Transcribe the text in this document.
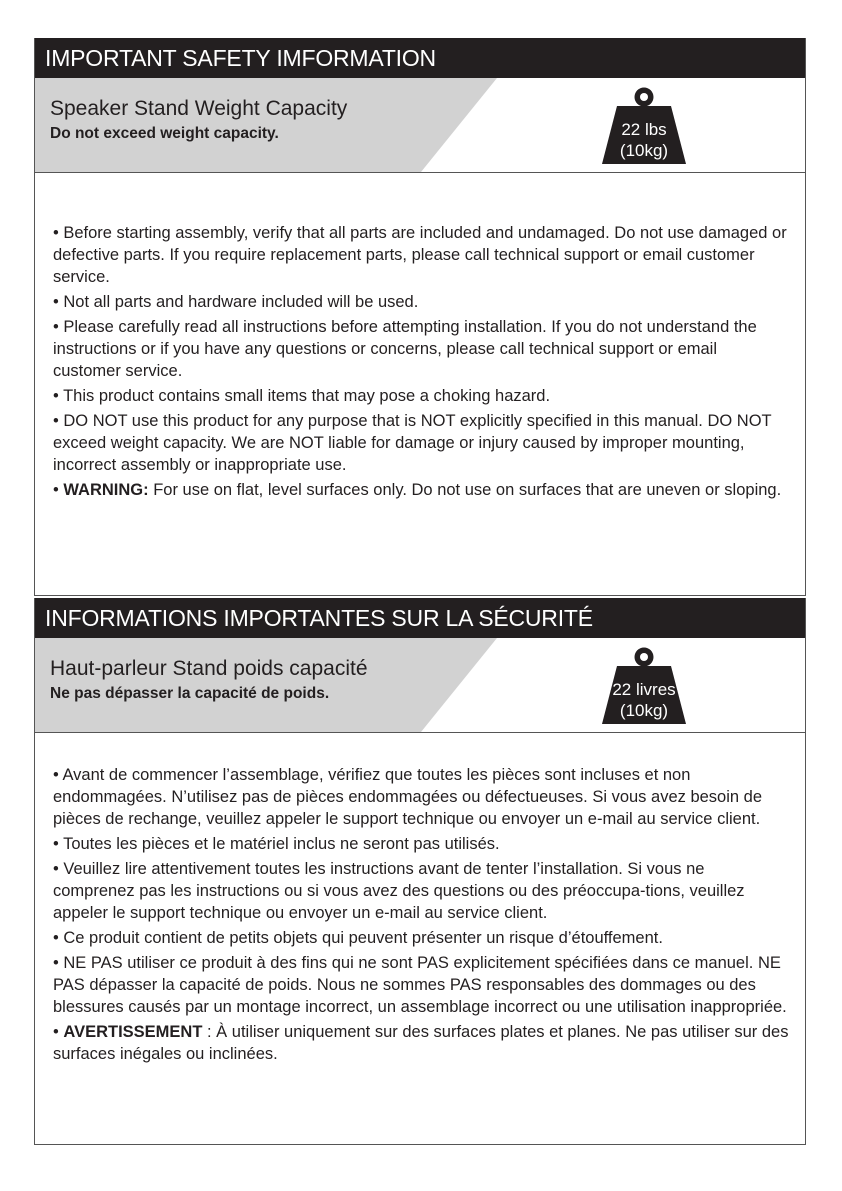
IMPORTANT SAFETY IMFORMATION
Speaker Stand Weight Capacity
Do not exceed weight capacity.	22 lbs
(10kg)

• Before starting assembly, verify that all parts are included and undamaged. Do not use damaged or defective parts. If you require replacement parts, please call technical support or email customer service.

• Not all parts and hardware included will be used.

• Please carefully read all instructions before attempting installation. If you do not understand the instructions or if you have any questions or concerns, please call technical support or email customer service.

• This product contains small items that may pose a choking hazard.

• DO NOT use this product for any purpose that is NOT explicitly specified in this manual. DO NOT exceed weight capacity. We are NOT liable for damage or injury caused by improper mounting, incorrect assembly or inappropriate use.

• WARNING: For use on flat, level surfaces only. Do not use on surfaces that are uneven or sloping.

INFORMATIONS IMPORTANTES SUR LA SÉCURITÉ
Haut-parleur Stand poids capacité
Ne pas dépasser la capacité de poids.	22 livres
(10kg)

• Avant de commencer l’assemblage, vérifiez que toutes les pièces sont incluses et non endommagées. N’utilisez pas de pièces endommagées ou défectueuses. Si vous avez besoin de pièces de rechange, veuillez appeler le support technique ou envoyer un e-mail au service client.

• Toutes les pièces et le matériel inclus ne seront pas utilisés.

• Veuillez lire attentivement toutes les instructions avant de tenter l’installation. Si vous ne comprenez pas les instructions ou si vous avez des questions ou des préoccupa-tions, veuillez appeler le support technique ou envoyer un e-mail au service client.

• Ce produit contient de petits objets qui peuvent présenter un risque d’étouffement.

• NE PAS utiliser ce produit à des fins qui ne sont PAS explicitement spécifiées dans ce manuel. NE PAS dépasser la capacité de poids. Nous ne sommes PAS responsables des dommages ou des blessures causés par un montage incorrect, un assemblage incorrect ou une utilisation inappropriée.

• AVERTISSEMENT : À utiliser uniquement sur des surfaces plates et planes. Ne pas utiliser sur des surfaces inégales ou inclinées.
